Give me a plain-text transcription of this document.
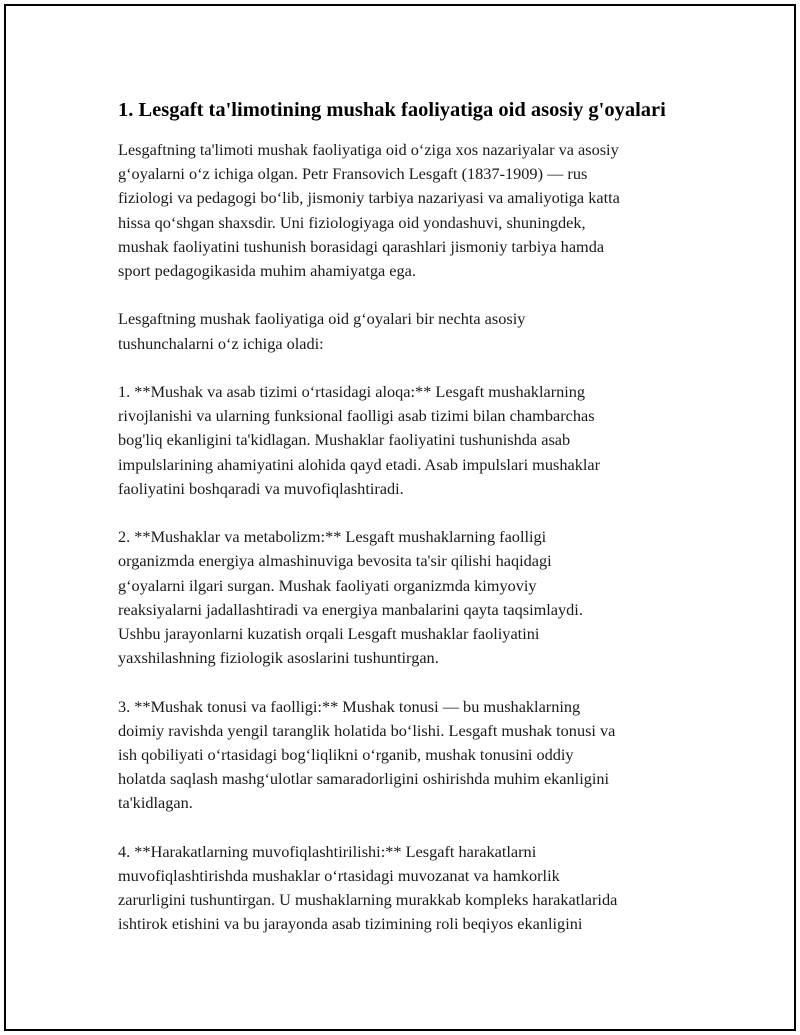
1. Lesgaft ta'limotining mushak faoliyatiga oid asosiy g'oyalari
Lesgaftning ta'limoti mushak faoliyatiga oid o‘ziga xos nazariyalar va asosiy
g‘oyalarni o‘z ichiga olgan. Petr Fransovich Lesgaft (1837-1909) — rus
fiziologi va pedagogi bo‘lib, jismoniy tarbiya nazariyasi va amaliyotiga katta
hissa qo‘shgan shaxsdir. Uni fiziologiyaga oid yondashuvi, shuningdek,
mushak faoliyatini tushunish borasidagi qarashlari jismoniy tarbiya hamda
sport pedagogikasida muhim ahamiyatga ega.
Lesgaftning mushak faoliyatiga oid g‘oyalari bir nechta asosiy
tushunchalarni o‘z ichiga oladi:
1. **Mushak va asab tizimi o‘rtasidagi aloqa:** Lesgaft mushaklarning
rivojlanishi va ularning funksional faolligi asab tizimi bilan chambarchas
bog'liq ekanligini ta'kidlagan. Mushaklar faoliyatini tushunishda asab
impulslarining ahamiyatini alohida qayd etadi. Asab impulslari mushaklar
faoliyatini boshqaradi va muvofiqlashtiradi.
2. **Mushaklar va metabolizm:** Lesgaft mushaklarning faolligi
organizmda energiya almashinuviga bevosita ta'sir qilishi haqidagi
g‘oyalarni ilgari surgan. Mushak faoliyati organizmda kimyoviy
reaksiyalarni jadallashtiradi va energiya manbalarini qayta taqsimlaydi.
Ushbu jarayonlarni kuzatish orqali Lesgaft mushaklar faoliyatini
yaxshilashning fiziologik asoslarini tushuntirgan.
3. **Mushak tonusi va faolligi:** Mushak tonusi — bu mushaklarning
doimiy ravishda yengil taranglik holatida bo‘lishi. Lesgaft mushak tonusi va
ish qobiliyati o‘rtasidagi bog‘liqlikni o‘rganib, mushak tonusini oddiy
holatda saqlash mashg‘ulotlar samaradorligini oshirishda muhim ekanligini
ta'kidlagan.
4. **Harakatlarning muvofiqlashtirilishi:** Lesgaft harakatlarni
muvofiqlashtirishda mushaklar o‘rtasidagi muvozanat va hamkorlik
zarurligini tushuntirgan. U mushaklarning murakkab kompleks harakatlarida
ishtirok etishini va bu jarayonda asab tizimining roli beqiyos ekanligini
